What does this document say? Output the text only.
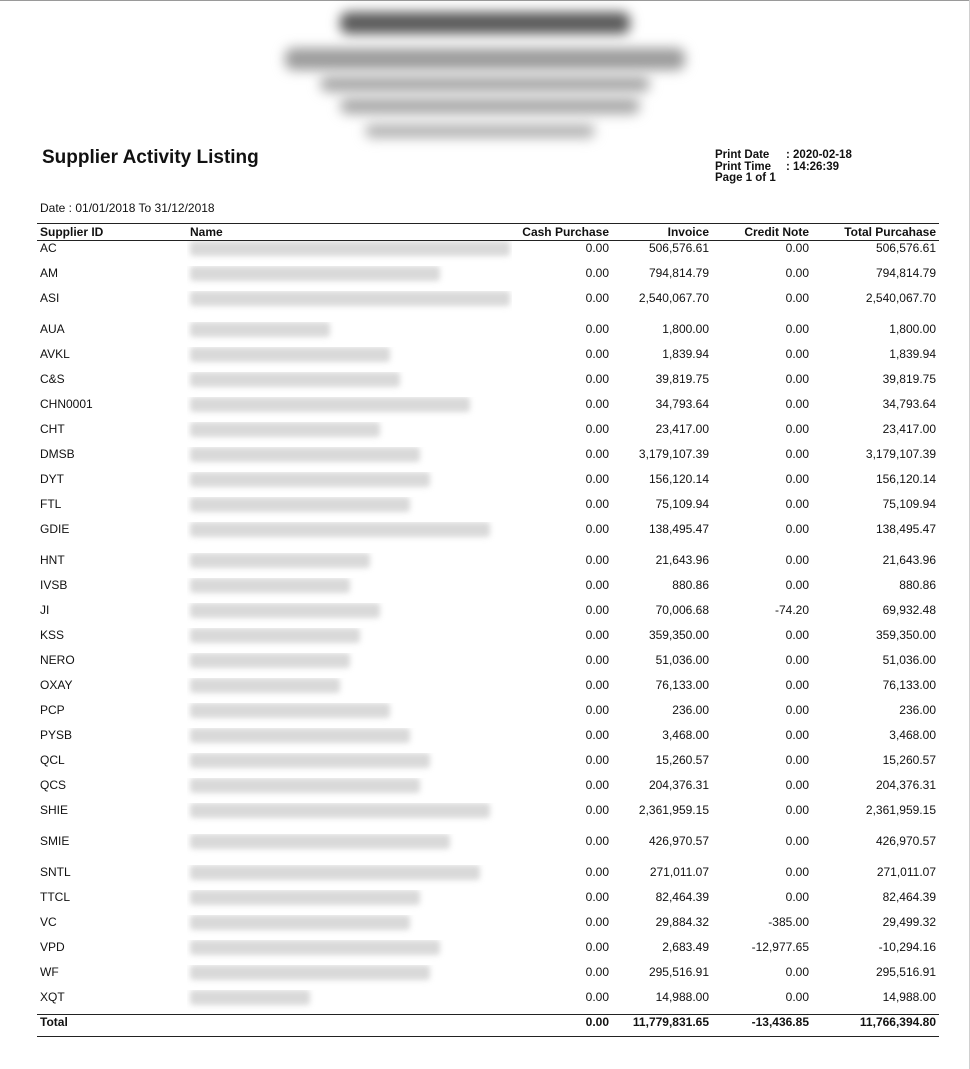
Supplier Activity Listing	Print Date : 2020-02-18
Print Time : 14:26:39
Page 1 of 1
Date : 01/01/2018 To 31/12/2018
Supplier ID	Name	Cash Purchase	Invoice	Credit Note	Total Purcahase
AC		0.00	506,576.61	0.00	506,576.61
AM		0.00	794,814.79	0.00	794,814.79
ASI		0.00	2,540,067.70	0.00	2,540,067.70
AUA		0.00	1,800.00	0.00	1,800.00
AVKL		0.00	1,839.94	0.00	1,839.94
C&S		0.00	39,819.75	0.00	39,819.75
CHN0001		0.00	34,793.64	0.00	34,793.64
CHT		0.00	23,417.00	0.00	23,417.00
DMSB		0.00	3,179,107.39	0.00	3,179,107.39
DYT		0.00	156,120.14	0.00	156,120.14
FTL		0.00	75,109.94	0.00	75,109.94
GDIE		0.00	138,495.47	0.00	138,495.47
HNT		0.00	21,643.96	0.00	21,643.96
IVSB		0.00	880.86	0.00	880.86
JI		0.00	70,006.68	-74.20	69,932.48
KSS		0.00	359,350.00	0.00	359,350.00
NERO		0.00	51,036.00	0.00	51,036.00
OXAY		0.00	76,133.00	0.00	76,133.00
PCP		0.00	236.00	0.00	236.00
PYSB		0.00	3,468.00	0.00	3,468.00
QCL		0.00	15,260.57	0.00	15,260.57
QCS		0.00	204,376.31	0.00	204,376.31
SHIE		0.00	2,361,959.15	0.00	2,361,959.15
SMIE		0.00	426,970.57	0.00	426,970.57
SNTL		0.00	271,011.07	0.00	271,011.07
TTCL		0.00	82,464.39	0.00	82,464.39
VC		0.00	29,884.32	-385.00	29,499.32
VPD		0.00	2,683.49	-12,977.65	-10,294.16
WF		0.00	295,516.91	0.00	295,516.91
XQT		0.00	14,988.00	0.00	14,988.00
Total		0.00	11,779,831.65	-13,436.85	11,766,394.80
